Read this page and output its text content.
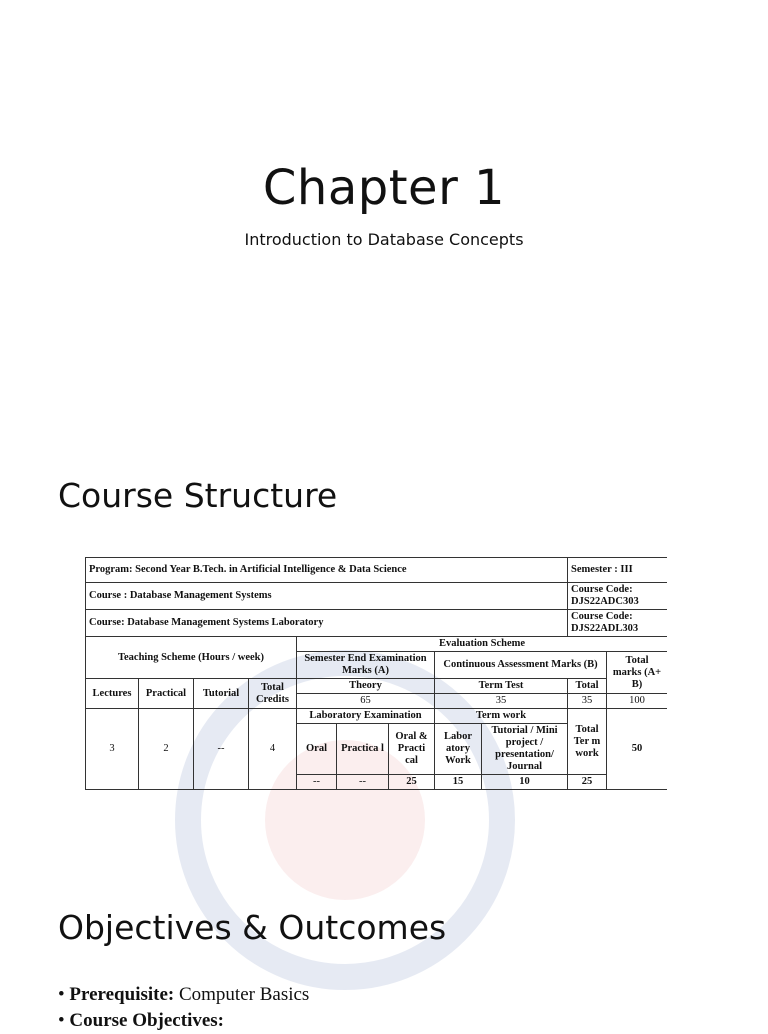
Chapter 1
Introduction to Database Concepts
Course Structure
Program: Second Year B.Tech. in Artificial Intelligence & Data Science									Semester : III	
Course : Database Management Systems									Course Code: DJS22ADC303	
Course: Database Management Systems Laboratory									Course Code: DJS22ADL303	
Teaching Scheme (Hours / week)				Evaluation Scheme						
				Semester End Examination Marks (A)			Continuous Assessment Marks (B)			Total marks (A+ B)
Lectures	Practical	Tutorial	Total Credits	Theory			Term Test		Total	
				65			35		35	100
3	2	--	4	Laboratory Examination			Term work		Total Ter m work	50
				Oral	Practica l	Oral & Practi cal	Labor atory Work	Tutorial / Mini project / presentation/ Journal		
				--	--	25	15	10	25	
Objectives & Outcomes
• Prerequisite: Computer Basics
• Course Objectives:
